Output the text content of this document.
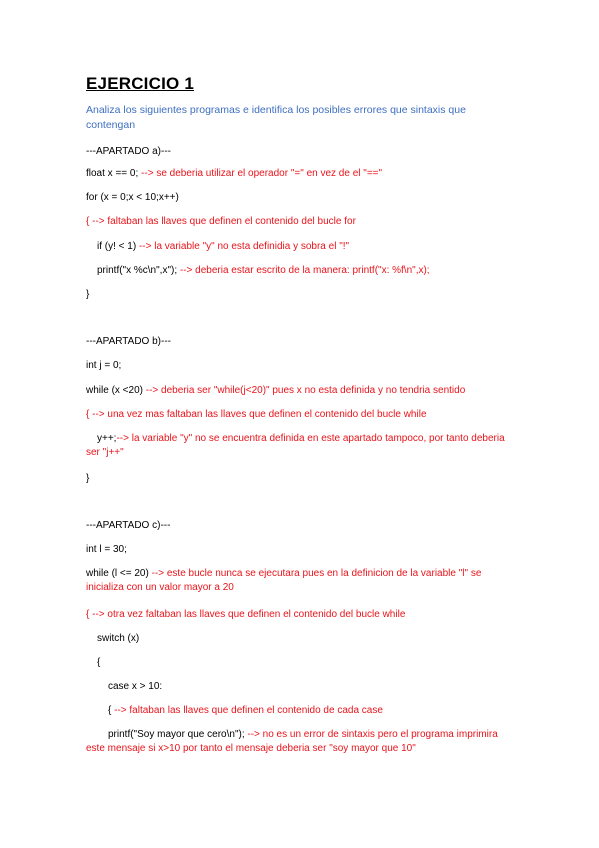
EJERCICIO 1
Analiza los siguientes programas e identifica los posibles errores que sintaxis que contengan
---APARTADO a)---
float x == 0; --> se deberia utilizar el operador "=" en vez de el "=="
for (x = 0;x < 10;x++)
{ --> faltaban las llaves que definen el contenido del bucle for
if (y! < 1) --> la variable "y" no esta definidia y sobra el "!"
printf("x %c\n",x"); --> deberia estar escrito de la manera: printf("x: %f\n",x);
}
---APARTADO b)---
int j = 0;
while (x <20) --> deberia ser "while(j<20)" pues x no esta definida y no tendria sentido
{ --> una vez mas faltaban las llaves que definen el contenido del bucle while
y++;--> la variable "y" no se encuentra definida en este apartado tampoco, por tanto deberia ser "j++"
}
---APARTADO c)---
int l = 30;
while (l <= 20) --> este bucle nunca se ejecutara pues en la definicion de la variable "l" se inicializa con un valor mayor a 20
{ --> otra vez faltaban las llaves que definen el contenido del bucle while
switch (x)
{
case x > 10:
{ --> faltaban las llaves que definen el contenido de cada case
printf("Soy mayor que cero\n"); --> no es un error de sintaxis pero el programa imprimira este mensaje si x>10 por tanto el mensaje deberia ser "soy mayor que 10"
